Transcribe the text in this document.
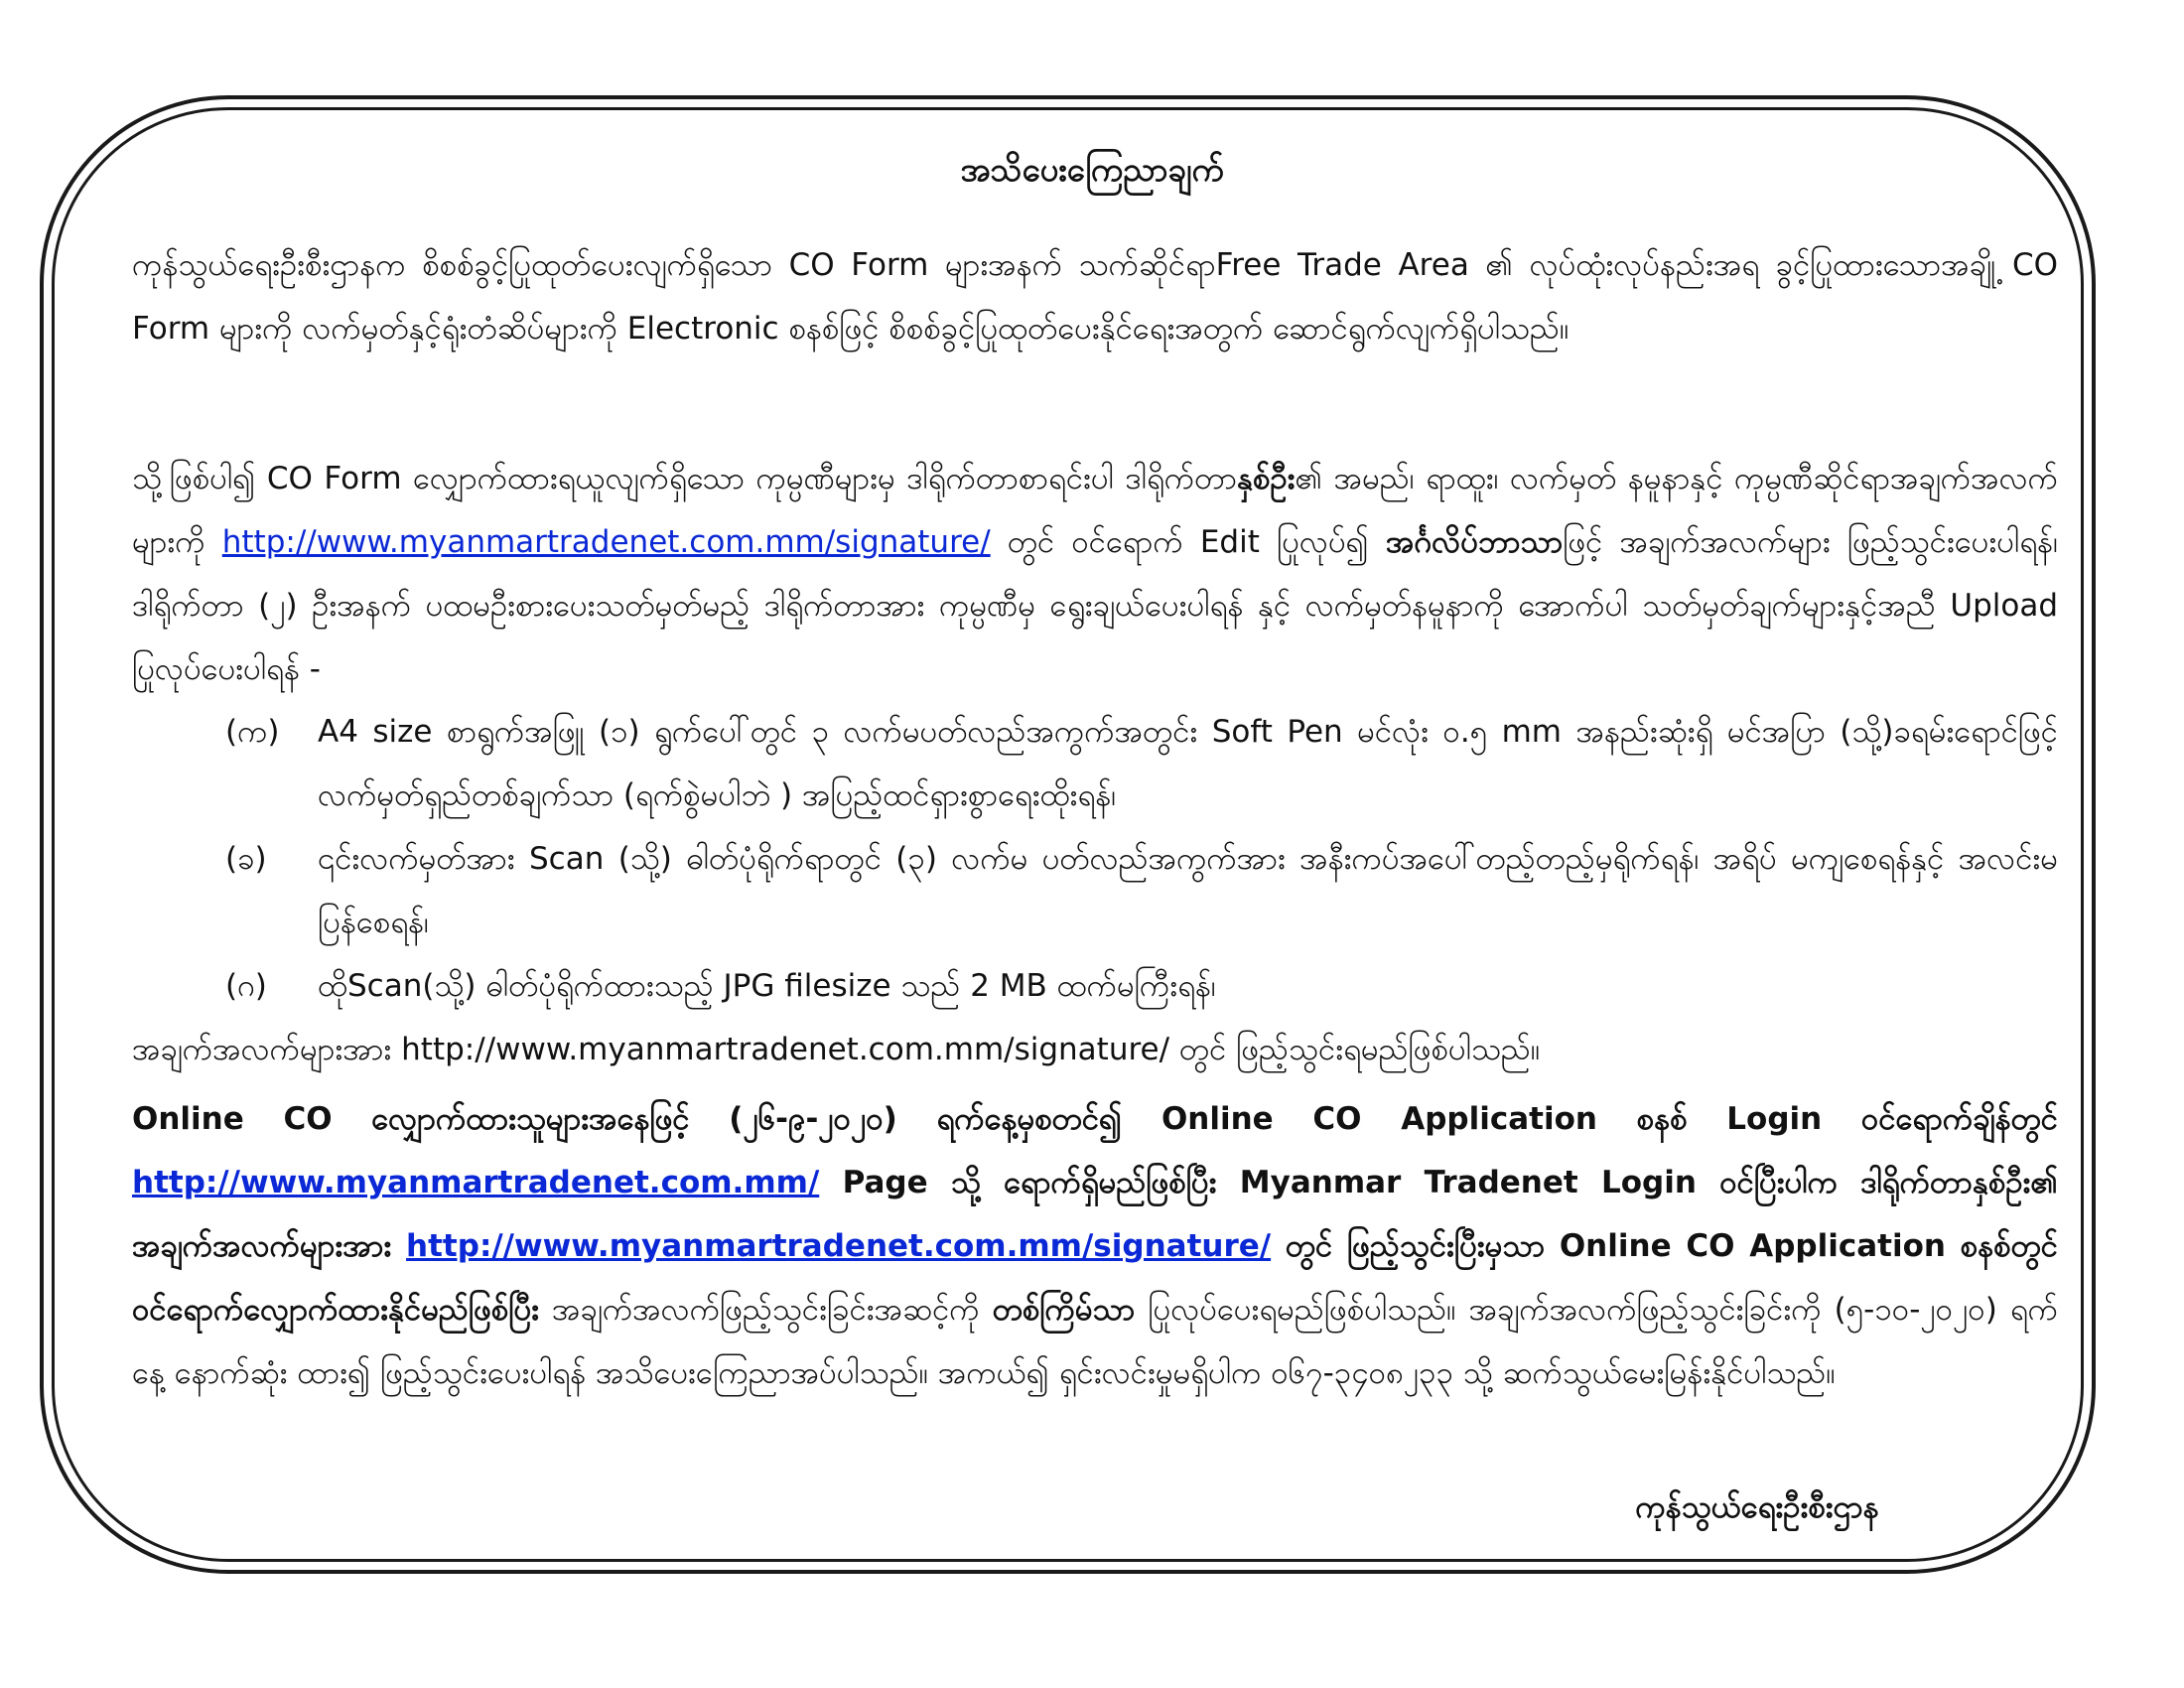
အသိပေးကြေညာချက်

ကုန်သွယ်ရေးဦးစီးဌာနက စိစစ်ခွင့်ပြုထုတ်ပေးလျက်ရှိသော CO Form များအနက် သက်ဆိုင်ရာFree Trade Area ၏ လုပ်ထုံးလုပ်နည်းအရ ခွင့်ပြုထားသောအချို့ CO Form များကို လက်မှတ်နှင့်ရုံးတံဆိပ်များကို Electronic စနစ်ဖြင့် စိစစ်ခွင့်ပြုထုတ်ပေးနိုင်ရေးအတွက် ဆောင်ရွက်လျက်ရှိပါသည်။

သို့ဖြစ်ပါ၍ CO Form လျှောက်ထားရယူလျက်ရှိသော ကုမ္ပဏီများမှ ဒါရိုက်တာစာရင်းပါ ဒါရိုက်တာနှစ်ဦး၏ အမည်၊ ရာထူး၊ လက်မှတ် နမူနာနှင့် ကုမ္ပဏီဆိုင်ရာအချက်အလက်များကို http://www.myanmartradenet.com.mm/signature/ တွင် ဝင်ရောက် Edit ပြုလုပ်၍ အင်္ဂလိပ်ဘာသာဖြင့် အချက်အလက်များ ဖြည့်သွင်းပေးပါရန်၊ ဒါရိုက်တာ (၂) ဦးအနက် ပထမဦးစားပေးသတ်မှတ်မည့် ဒါရိုက်တာအား ကုမ္ပဏီမှ ရွေးချယ်ပေးပါရန် နှင့် လက်မှတ်နမူနာကို အောက်ပါ သတ်မှတ်ချက်များနှင့်အညီ Upload ပြုလုပ်ပေးပါရန် -

(က)	A4 size စာရွက်အဖြူ (၁) ရွက်ပေါ်တွင် ၃ လက်မပတ်လည်အကွက်အတွင်း Soft Pen မင်လုံး ၀.၅ mm အနည်းဆုံးရှိ မင်အပြာ (သို့)ခရမ်းရောင်ဖြင့် လက်မှတ်ရှည်တစ်ချက်သာ (ရက်စွဲမပါဘဲ ) အပြည့်ထင်ရှားစွာရေးထိုးရန်၊
(ခ)	၎င်းလက်မှတ်အား Scan (သို့) ဓါတ်ပုံရိုက်ရာတွင် (၃) လက်မ ပတ်လည်အကွက်အား အနီးကပ်အပေါ်တည့်တည့်မှရိုက်ရန်၊ အရိပ် မကျစေရန်နှင့် အလင်းမပြန်စေရန်၊
(ဂ)	ထိုScan(သို့) ဓါတ်ပုံရိုက်ထားသည့် JPG filesize သည် 2 MB ထက်မကြီးရန်၊

အချက်အလက်များအား http://www.myanmartradenet.com.mm/signature/ တွင် ဖြည့်သွင်းရမည်ဖြစ်ပါသည်။

Online CO လျှောက်ထားသူများအနေဖြင့် (၂၆-၉-၂၀၂၀) ရက်နေ့မှစတင်၍ Online CO Application စနစ် Login ဝင်ရောက်ချိန်တွင် http://www.myanmartradenet.com.mm/ Page သို့ ရောက်ရှိမည်ဖြစ်ပြီး Myanmar Tradenet Login ဝင်ပြီးပါက ဒါရိုက်တာနှစ်ဦး၏ အချက်အလက်များအား http://www.myanmartradenet.com.mm/signature/ တွင် ဖြည့်သွင်းပြီးမှသာ Online CO Application စနစ်တွင် ဝင်ရောက်လျှောက်ထားနိုင်မည်ဖြစ်ပြီး အချက်အလက်ဖြည့်သွင်းခြင်းအဆင့်ကို တစ်ကြိမ်သာ ပြုလုပ်ပေးရမည်ဖြစ်ပါသည်။ အချက်အလက်ဖြည့်သွင်းခြင်းကို (၅-၁၀-၂၀၂၀) ရက်နေ့ နောက်ဆုံး ထား၍ ဖြည့်သွင်းပေးပါရန် အသိပေးကြေညာအပ်ပါသည်။ အကယ်၍ ရှင်းလင်းမှုမရှိပါက ၀၆၇-၃၄၀၈၂၃၃ သို့ ဆက်သွယ်မေးမြန်းနိုင်ပါသည်။

ကုန်သွယ်ရေးဦးစီးဌာန
